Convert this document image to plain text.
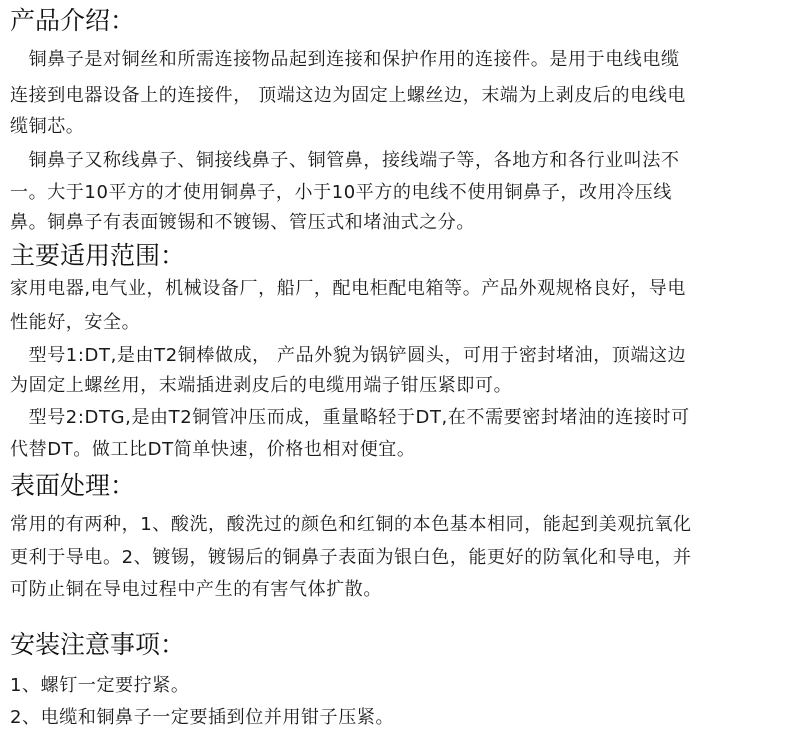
产品介绍：

　铜鼻子是对铜丝和所需连接物品起到连接和保护作用的连接件。是用于电线电缆

连接到电器设备上的连接件， 顶端这边为固定上螺丝边，末端为上剥皮后的电线电

缆铜芯。

　铜鼻子又称线鼻子、铜接线鼻子、铜管鼻，接线端子等，各地方和各行业叫法不

一。大于10平方的才使用铜鼻子，小于10平方的电线不使用铜鼻子，改用冷压线

鼻。铜鼻子有表面镀锡和不镀锡、管压式和堵油式之分。

主要适用范围：

家用电器,电气业，机械设备厂，船厂，配电柜配电箱等。产品外观规格良好，导电

性能好，安全。

　型号1:DT,是由T2铜棒做成， 产品外貌为锅铲圆头，可用于密封堵油，顶端这边

为固定上螺丝用，末端插进剥皮后的电缆用端子钳压紧即可。

　型号2:DTG,是由T2铜管冲压而成，重量略轻于DT,在不需要密封堵油的连接时可

代替DT。做工比DT简单快速，价格也相对便宜。

表面处理：

常用的有两种，1、酸洗，酸洗过的颜色和红铜的本色基本相同，能起到美观抗氧化

更利于导电。2、镀锡，镀锡后的铜鼻子表面为银白色，能更好的防氧化和导电，并

可防止铜在导电过程中产生的有害气体扩散。

安装注意事项：

1、螺钉一定要拧紧。

2、电缆和铜鼻子一定要插到位并用钳子压紧。
